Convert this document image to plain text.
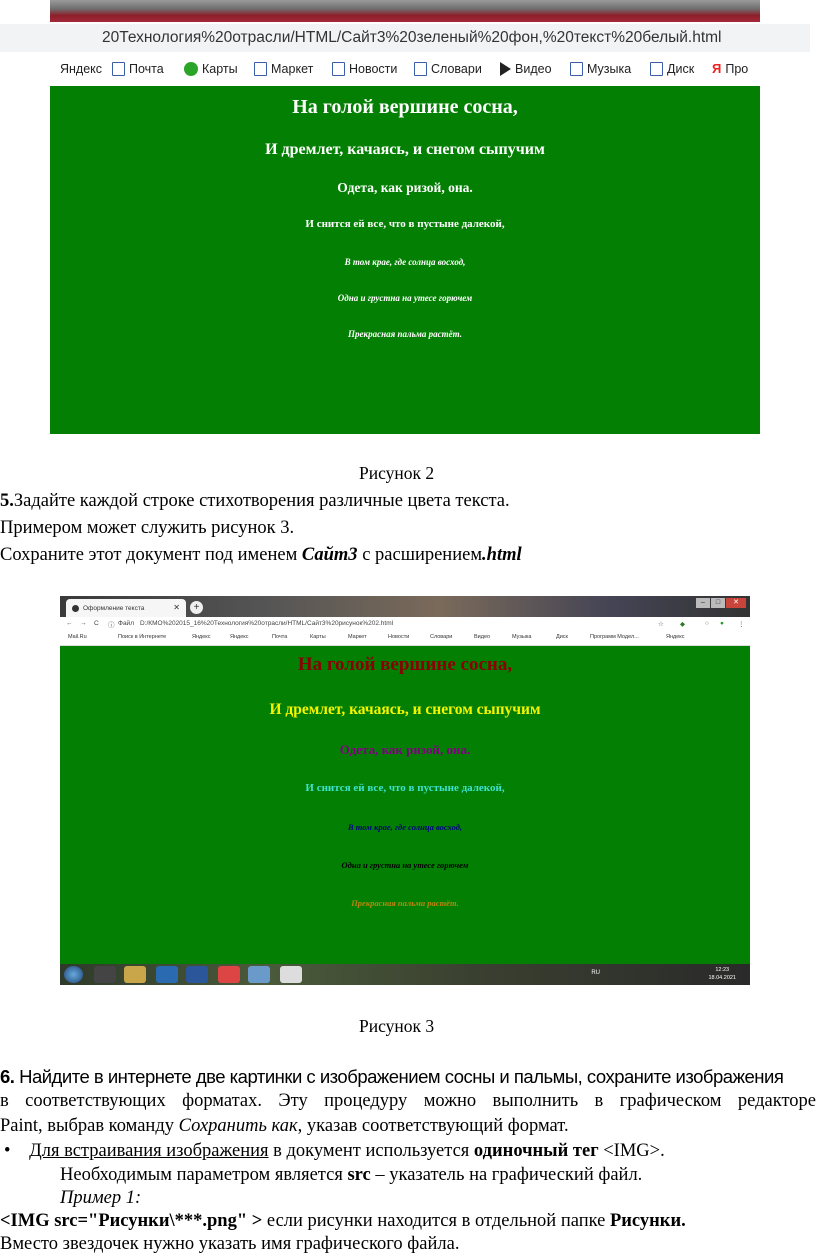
20Технология%20отрасли/HTML/Сайт3%20зеленый%20фон,%20текст%20белый.html
Яндекс Почта	Карты	Маркет	Новости	Словари	Видео	Музыка	Диск Я Про
На голой вершине сосна,
И дремлет, качаясь, и снегом сыпучим
Одета, как ризой, она.
И снится ей все, что в пустыне далекой,
В том крае, где солнца восход,
Одна и грустна на утесе горючем
Прекрасная пальма растёт.
Рисунок 2
5.Задайте каждой строке стихотворения различные цвета текста.
Примером может служить рисунок 3.
Сохраните этот документ под именем Сайт3 с расширением.html
Оформление текста	✕	+	–	□	✕
← → C ⓘ Файл D:/КМО%202015_16%20Технология%20отрасли/HTML/Сайт3%20рисунок%202.html	☆ ◆	○ ● ⋮
Mail.Ru	Поиск в Интернете	Яндекс	Яндекс	Почта	Карты	Маркет	Новости	Словари	Видео	Музыка	Диск	Программ Модел...	Яндекс
На голой вершине сосна,
И дремлет, качаясь, и снегом сыпучим
Одета, как ризой, она.
И снится ей все, что в пустыне далекой,
В том крае, где солнца восход,
Одна и грустна на утесе горючем
Прекрасная пальма растёт.
RU	12:23
18.04.2021
Рисунок 3
6. Найдите в интернете две картинки с изображением сосны и пальмы, сохраните изображения
в соответствующих форматах. Эту процедуру можно выполнить в графическом редакторе
Paint, выбрав команду Сохранить как, указав соответствующий формат.
• Для встраивания изображения в документ используется одиночный тег <IMG>.
Необходимым параметром является src – указатель на графический файл.
Пример 1:
<IMG src="Рисунки\***.png" > если рисунки находится в отдельной папке Рисунки.
Вместо звездочек нужно указать имя графического файла.
